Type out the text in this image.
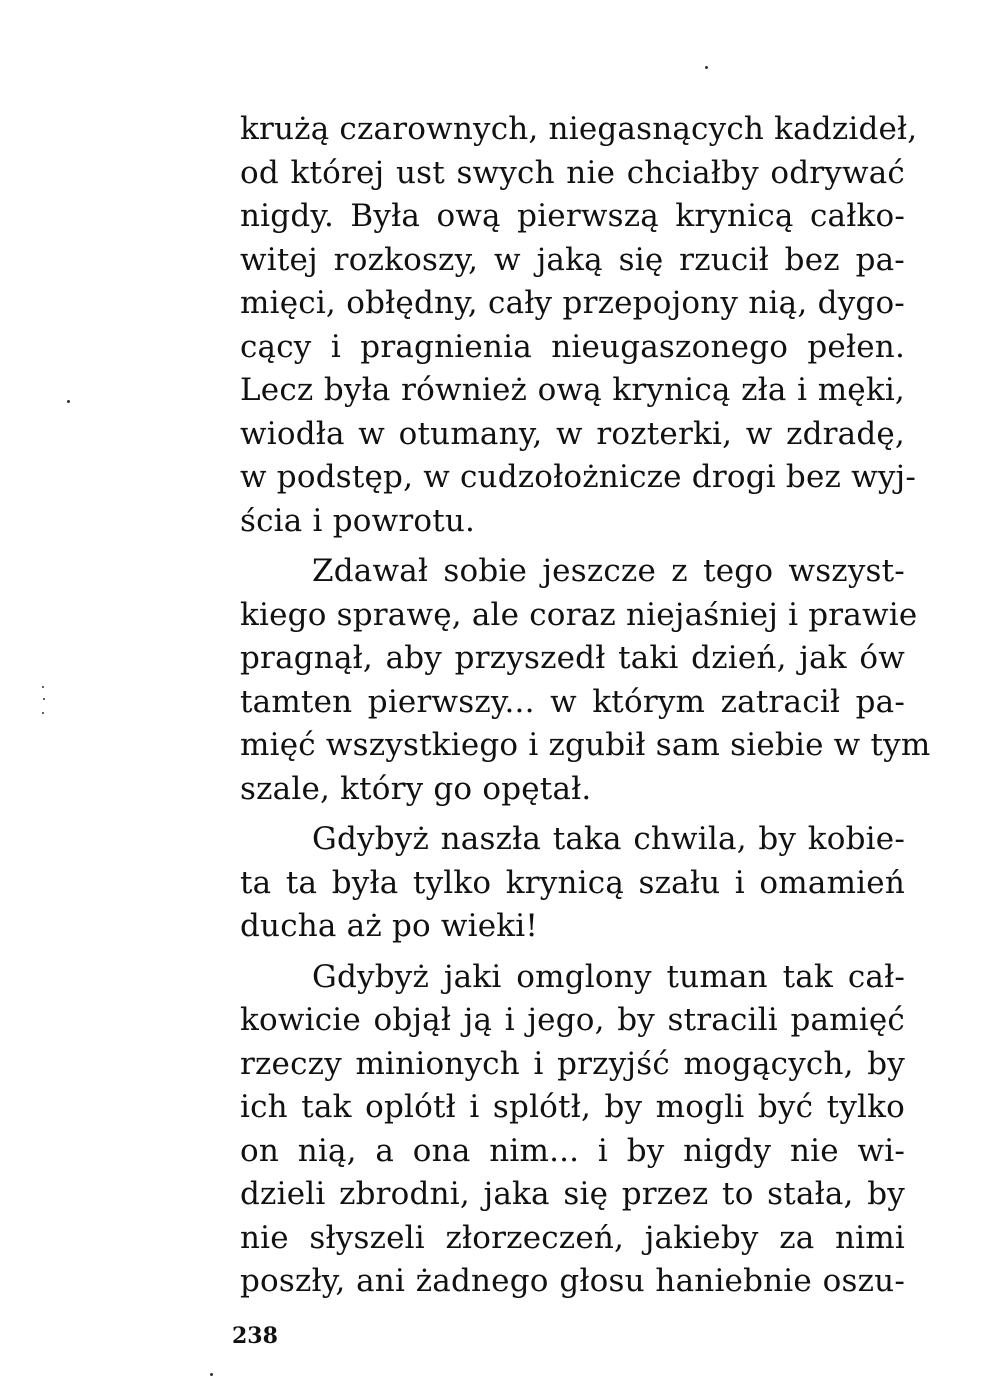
krużą czarownych, niegasnących kadzideł,
od której ust swych nie chciałby odrywać
nigdy. Była ową pierwszą krynicą całko-
witej rozkoszy, w jaką się rzucił bez pa-
mięci, obłędny, cały przepojony nią, dygo-
cący i pragnienia nieugaszonego pełen.
Lecz była również ową krynicą zła i męki,
wiodła w otumany, w rozterki, w zdradę,
w podstęp, w cudzołożnicze drogi bez wyj-
ścia i powrotu.
Zdawał sobie jeszcze z tego wszyst-
kiego sprawę, ale coraz niejaśniej i prawie
pragnął, aby przyszedł taki dzień, jak ów
tamten pierwszy... w którym zatracił pa-
mięć wszystkiego i zgubił sam siebie w tym
szale, który go opętał.
Gdybyż naszła taka chwila, by kobie-
ta ta była tylko krynicą szału i omamień
ducha aż po wieki!
Gdybyż jaki omglony tuman tak cał-
kowicie objął ją i jego, by stracili pamięć
rzeczy minionych i przyjść mogących, by
ich tak oplótł i splótł, by mogli być tylko
on nią, a ona nim... i by nigdy nie wi-
dzieli zbrodni, jaka się przez to stała, by
nie słyszeli złorzeczeń, jakieby za nimi
poszły, ani żadnego głosu haniebnie oszu-
238
